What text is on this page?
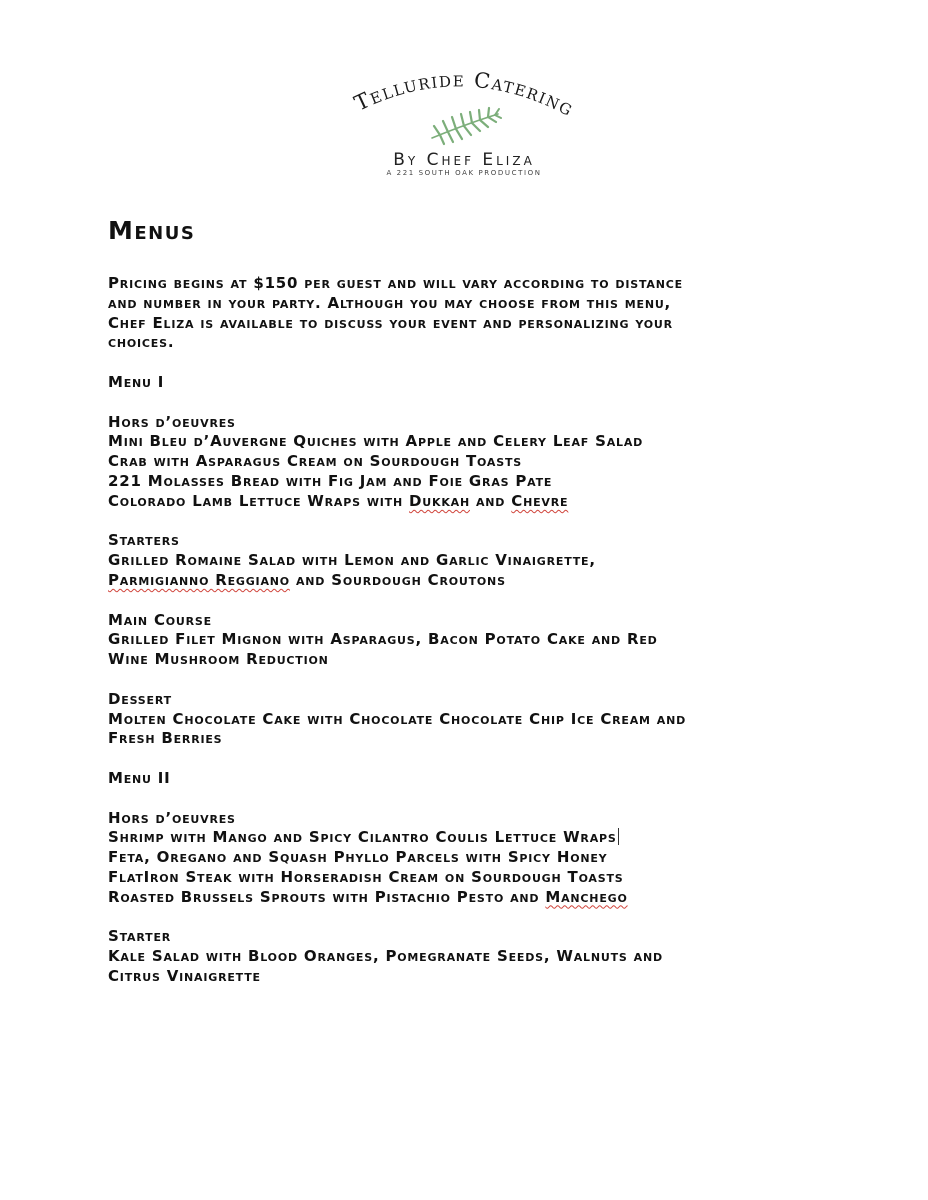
Telluride Catering
By Chef Eliza
A 221 SOUTH OAK PRODUCTION
Menus
Pricing begins at $150 per guest and will vary according to distance
and number in your party. Although you may choose from this menu,
Chef Eliza is available to discuss your event and personalizing your
choices.
Menu I
Hors d’oeuvres
Mini Bleu d’Auvergne Quiches with Apple and Celery Leaf Salad
Crab with Asparagus Cream on Sourdough Toasts
221 Molasses Bread with Fig Jam and Foie Gras Pate
Colorado Lamb Lettuce Wraps with Dukkah and Chevre
Starters
Grilled Romaine Salad with Lemon and Garlic Vinaigrette,
Parmigianno Reggiano and Sourdough Croutons
Main Course
Grilled Filet Mignon with Asparagus, Bacon Potato Cake and Red
Wine Mushroom Reduction
Dessert
Molten Chocolate Cake with Chocolate Chocolate Chip Ice Cream and
Fresh Berries
Menu II
Hors d’oeuvres
Shrimp with Mango and Spicy Cilantro Coulis Lettuce Wraps
Feta, Oregano and Squash Phyllo Parcels with Spicy Honey
FlatIron Steak with Horseradish Cream on Sourdough Toasts
Roasted Brussels Sprouts with Pistachio Pesto and Manchego
Starter
Kale Salad with Blood Oranges, Pomegranate Seeds, Walnuts and
Citrus Vinaigrette
